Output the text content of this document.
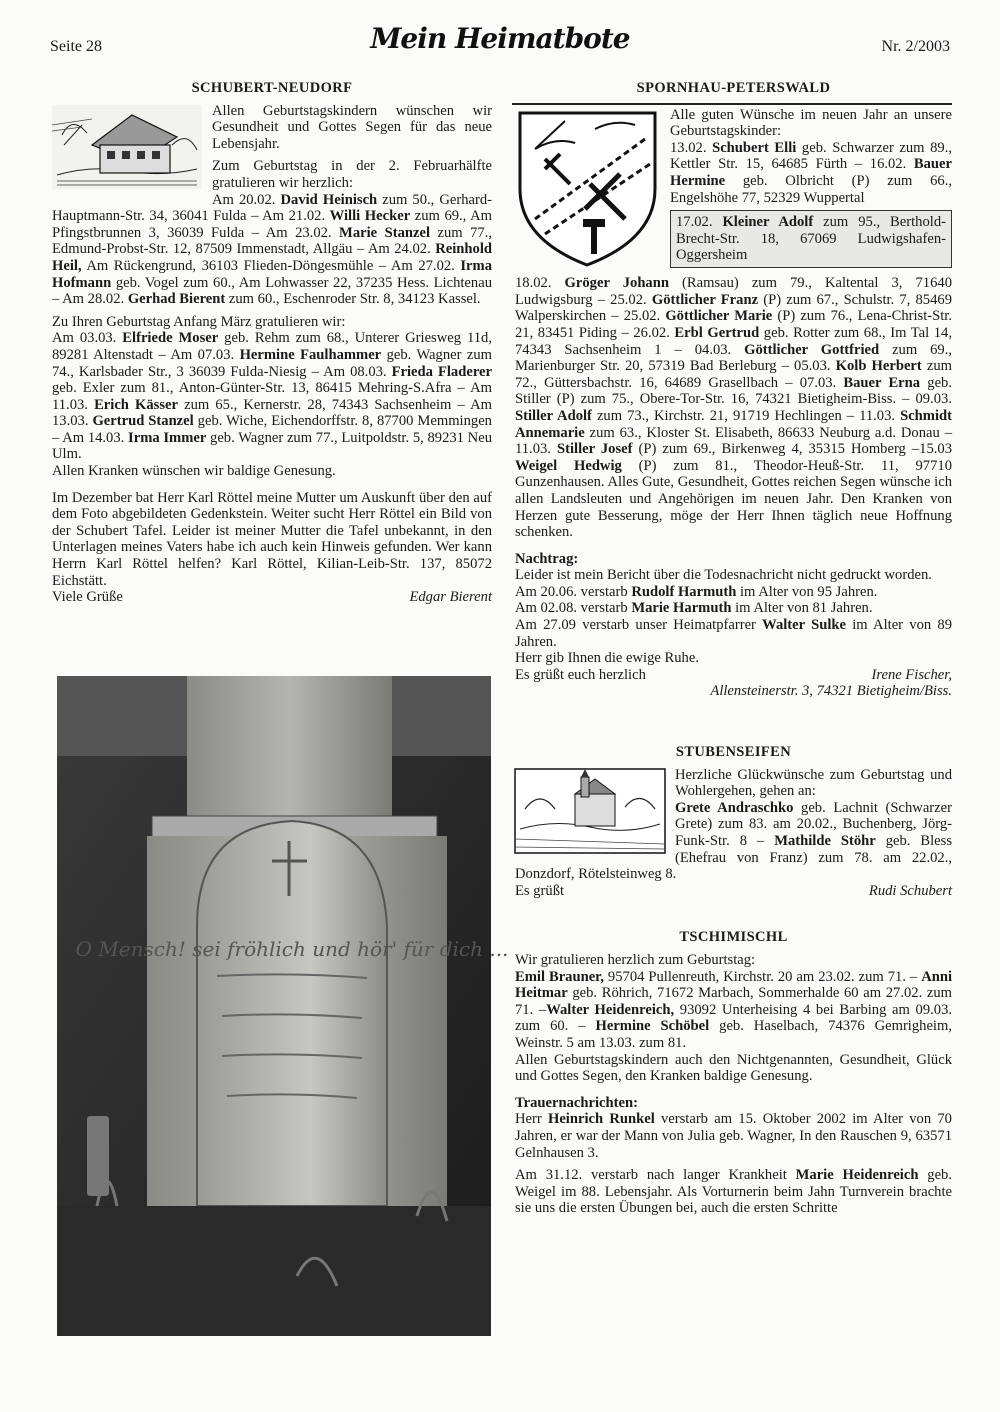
Seite 28	Mein Heimatbote	Nr. 2/2003
SCHUBERT-NEUDORF

Allen Geburtstagskindern wünschen wir Gesundheit und Gottes Segen für das neue Lebensjahr.

Zum Geburtstag in der 2. Februarhälfte gratulieren wir herzlich:

Am 20.02. David Heinisch zum 50., Gerhard-Hauptmann-Str. 34, 36041 Fulda – Am 21.02. Willi Hecker zum 69., Am Pfingstbrunnen 3, 36039 Fulda – Am 23.02. Marie Stanzel zum 77., Edmund-Probst-Str. 12, 87509 Immenstadt, Allgäu – Am 24.02. Reinhold Heil, Am Rückengrund, 36103 Flieden-Döngesmühle – Am 27.02. Irma Hofmann geb. Vogel zum 60., Am Lohwasser 22, 37235 Hess. Lichtenau – Am 28.02. Gerhad Bierent zum 60., Eschenroder Str. 8, 34123 Kassel.

Zu Ihren Geburtstag Anfang März gratulieren wir:

Am 03.03. Elfriede Moser geb. Rehm zum 68., Unterer Griesweg 11d, 89281 Altenstadt – Am 07.03. Hermine Faulhammer geb. Wagner zum 74., Karlsbader Str., 3 36039 Fulda-Niesig – Am 08.03. Frieda Fladerer geb. Exler zum 81., Anton-Günter-Str. 13, 86415 Mehring-S.Afra – Am 11.03. Erich Kässer zum 65., Kernerstr. 28, 74343 Sachsenheim – Am 13.03. Gertrud Stanzel geb. Wiche, Eichendorffstr. 8, 87700 Memmingen – Am 14.03. Irma Immer geb. Wagner zum 77., Luitpoldstr. 5, 89231 Neu Ulm.

Allen Kranken wünschen wir baldige Genesung.

Im Dezember bat Herr Karl Röttel meine Mutter um Auskunft über den auf dem Foto abgebildeten Gedenkstein. Weiter sucht Herr Röttel ein Bild von der Schubert Tafel. Leider ist meiner Mutter die Tafel unbekannt, in den Unterlagen meines Vaters habe ich auch kein Hinweis gefunden. Wer kann Herrn Karl Röttel helfen? Karl Röttel, Kilian-Leib-Str. 137, 85072 Eichstätt.

Viele Grüße	Edgar Bierent
O Mensch! sei fröhlich und hör' für dich ...
SPORNHAU-PETERSWALD

Alle guten Wünsche im neuen Jahr an unsere Geburtstagskinder:

13.02. Schubert Elli geb. Schwarzer zum 89., Kettler Str. 15, 64685 Fürth – 16.02. Bauer Hermine geb. Olbricht (P) zum 66., Engelshöhe 77, 52329 Wuppertal

17.02. Kleiner Adolf zum 95., Berthold-Brecht-Str. 18, 67069 Ludwigshafen-Oggersheim

18.02. Gröger Johann (Ramsau) zum 79., Kaltental 3, 71640 Ludwigsburg – 25.02. Göttlicher Franz (P) zum 67., Schulstr. 7, 85469 Walperskirchen – 25.02. Göttlicher Marie (P) zum 76., Lena-Christ-Str. 21, 83451 Piding – 26.02. Erbl Gertrud geb. Rotter zum 68., Im Tal 14, 74343 Sachsenheim 1 – 04.03. Göttlicher Gottfried zum 69., Marienburger Str. 20, 57319 Bad Berleburg – 05.03. Kolb Herbert zum 72., Güttersbachstr. 16, 64689 Grasellbach – 07.03. Bauer Erna geb. Stiller (P) zum 75., Obere-Tor-Str. 16, 74321 Bietigheim-Biss. – 09.03. Stiller Adolf zum 73., Kirchstr. 21, 91719 Hechlingen – 11.03. Schmidt Annemarie zum 63., Kloster St. Elisabeth, 86633 Neuburg a.d. Donau –11.03. Stiller Josef (P) zum 69., Birkenweg 4, 35315 Homberg –15.03 Weigel Hedwig (P) zum 81., Theodor-Heuß-Str. 11, 97710 Gunzenhausen. Alles Gute, Gesundheit, Gottes reichen Segen wünsche ich allen Landsleuten und Angehörigen im neuen Jahr. Den Kranken von Herzen gute Besserung, möge der Herr Ihnen täglich neue Hoffnung schenken.

Nachtrag:

Leider ist mein Bericht über die Todesnachricht nicht gedruckt worden.

Am 20.06. verstarb Rudolf Harmuth im Alter von 95 Jahren.

Am 02.08. verstarb Marie Harmuth im Alter von 81 Jahren.

Am 27.09 verstarb unser Heimatpfarrer Walter Sulke im Alter von 89 Jahren.

Herr gib Ihnen die ewige Ruhe.

Es grüßt euch herzlich	Irene Fischer,
Allensteinerstr. 3, 74321 Bietigheim/Biss.
STUBENSEIFEN

Herzliche Glückwünsche zum Geburtstag und Wohlergehen, gehen an:

Grete Andraschko geb. Lachnit (Schwarzer Grete) zum 83. am 20.02., Buchenberg, Jörg-Funk-Str. 8 – Mathilde Stöhr geb. Bless (Ehefrau von Franz) zum 78. am 22.02., Donzdorf, Rötelsteinweg 8.

Es grüßt	Rudi Schubert
TSCHIMISCHL

Wir gratulieren herzlich zum Geburtstag:

Emil Brauner, 95704 Pullenreuth, Kirchstr. 20 am 23.02. zum 71. – Anni Heitmar geb. Röhrich, 71672 Marbach, Sommerhalde 60 am 27.02. zum 71. –Walter Heidenreich, 93092 Unterheising 4 bei Barbing am 09.03. zum 60. – Hermine Schöbel geb. Haselbach, 74376 Gemrigheim, Weinstr. 5 am 13.03. zum 81.

Allen Geburtstagskindern auch den Nichtgenannten, Gesundheit, Glück und Gottes Segen, den Kranken baldige Genesung.

Trauernachrichten:

Herr Heinrich Runkel verstarb am 15. Oktober 2002 im Alter von 70 Jahren, er war der Mann von Julia geb. Wagner, In den Rauschen 9, 63571 Gelnhausen 3.

Am 31.12. verstarb nach langer Krankheit Marie Heidenreich geb. Weigel im 88. Lebensjahr. Als Vorturnerin beim Jahn Turnverein brachte sie uns die ersten Übungen bei, auch die ersten Schritte
